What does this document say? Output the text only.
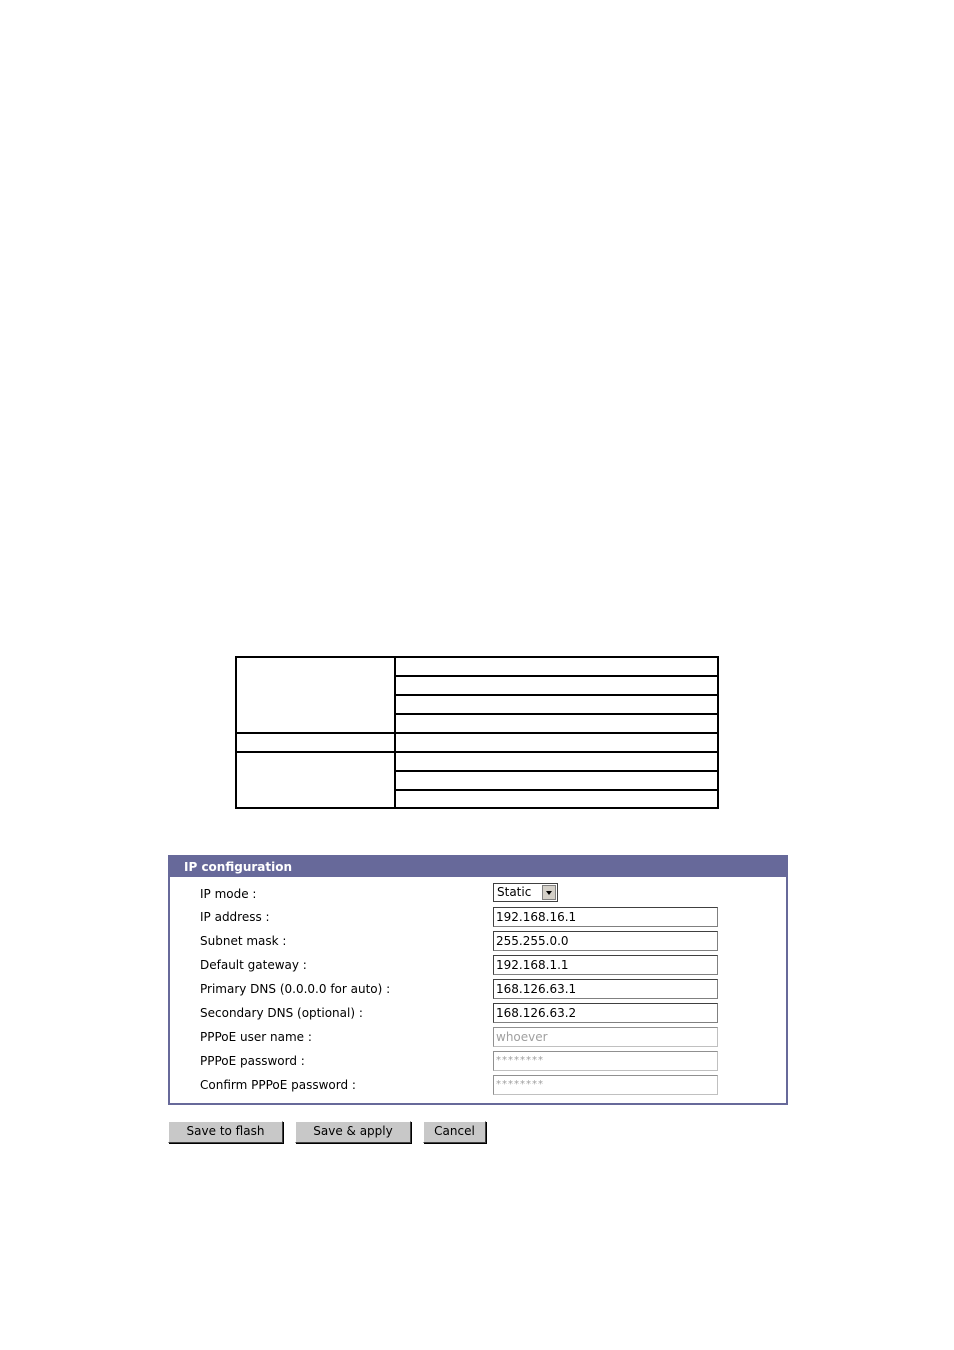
IP configuration
IP mode :	Static
IP address :	192.168.16.1
Subnet mask :	255.255.0.0
Default gateway :	192.168.1.1
Primary DNS (0.0.0.0 for auto) :	168.126.63.1
Secondary DNS (optional) :	168.126.63.2
PPPoE user name :	whoever
PPPoE password :	********
Confirm PPPoE password :	********
Save to flash	Save & apply	Cancel
